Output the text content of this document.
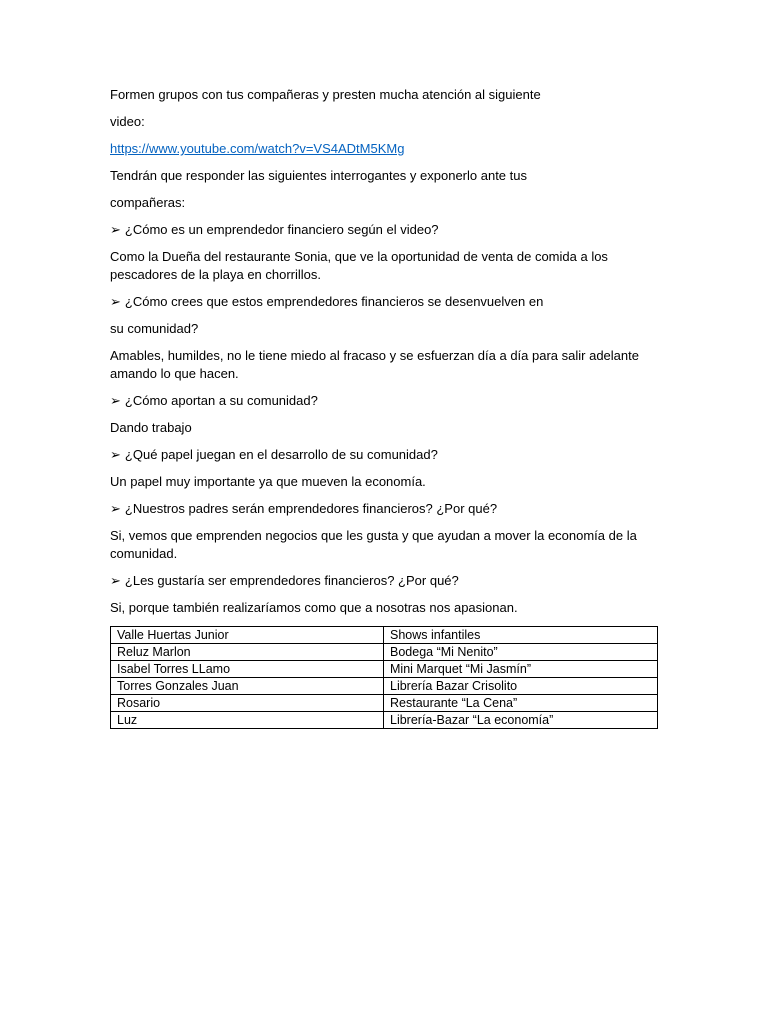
Formen grupos con tus compañeras y presten mucha atención al siguiente

video:

https://www.youtube.com/watch?v=VS4ADtM5KMg

Tendrán que responder las siguientes interrogantes y exponerlo ante tus

compañeras:

➢ ¿Cómo es un emprendedor financiero según el video?

Como la Dueña del restaurante Sonia, que ve la oportunidad de venta de comida a los pescadores de la playa en chorrillos.

➢ ¿Cómo crees que estos emprendedores financieros se desenvuelven en

su comunidad?

Amables, humildes, no le tiene miedo al fracaso y se esfuerzan día a día para salir adelante amando lo que hacen.

➢ ¿Cómo aportan a su comunidad?

Dando trabajo

➢ ¿Qué papel juegan en el desarrollo de su comunidad?

Un papel muy importante ya que mueven la economía.

➢ ¿Nuestros padres serán emprendedores financieros? ¿Por qué?

Si, vemos que emprenden negocios que les gusta y que ayudan a mover la economía de la comunidad.

➢ ¿Les gustaría ser emprendedores financieros? ¿Por qué?

Si, porque también realizaríamos como que a nosotras nos apasionan.

Valle Huertas Junior	Shows infantiles
Reluz Marlon	Bodega “Mi Nenito”
Isabel Torres LLamo	Mini Marquet “Mi Jasmín”
Torres Gonzales Juan	Librería Bazar Crisolito
Rosario	Restaurante “La Cena”
Luz	Librería-Bazar “La economía”
